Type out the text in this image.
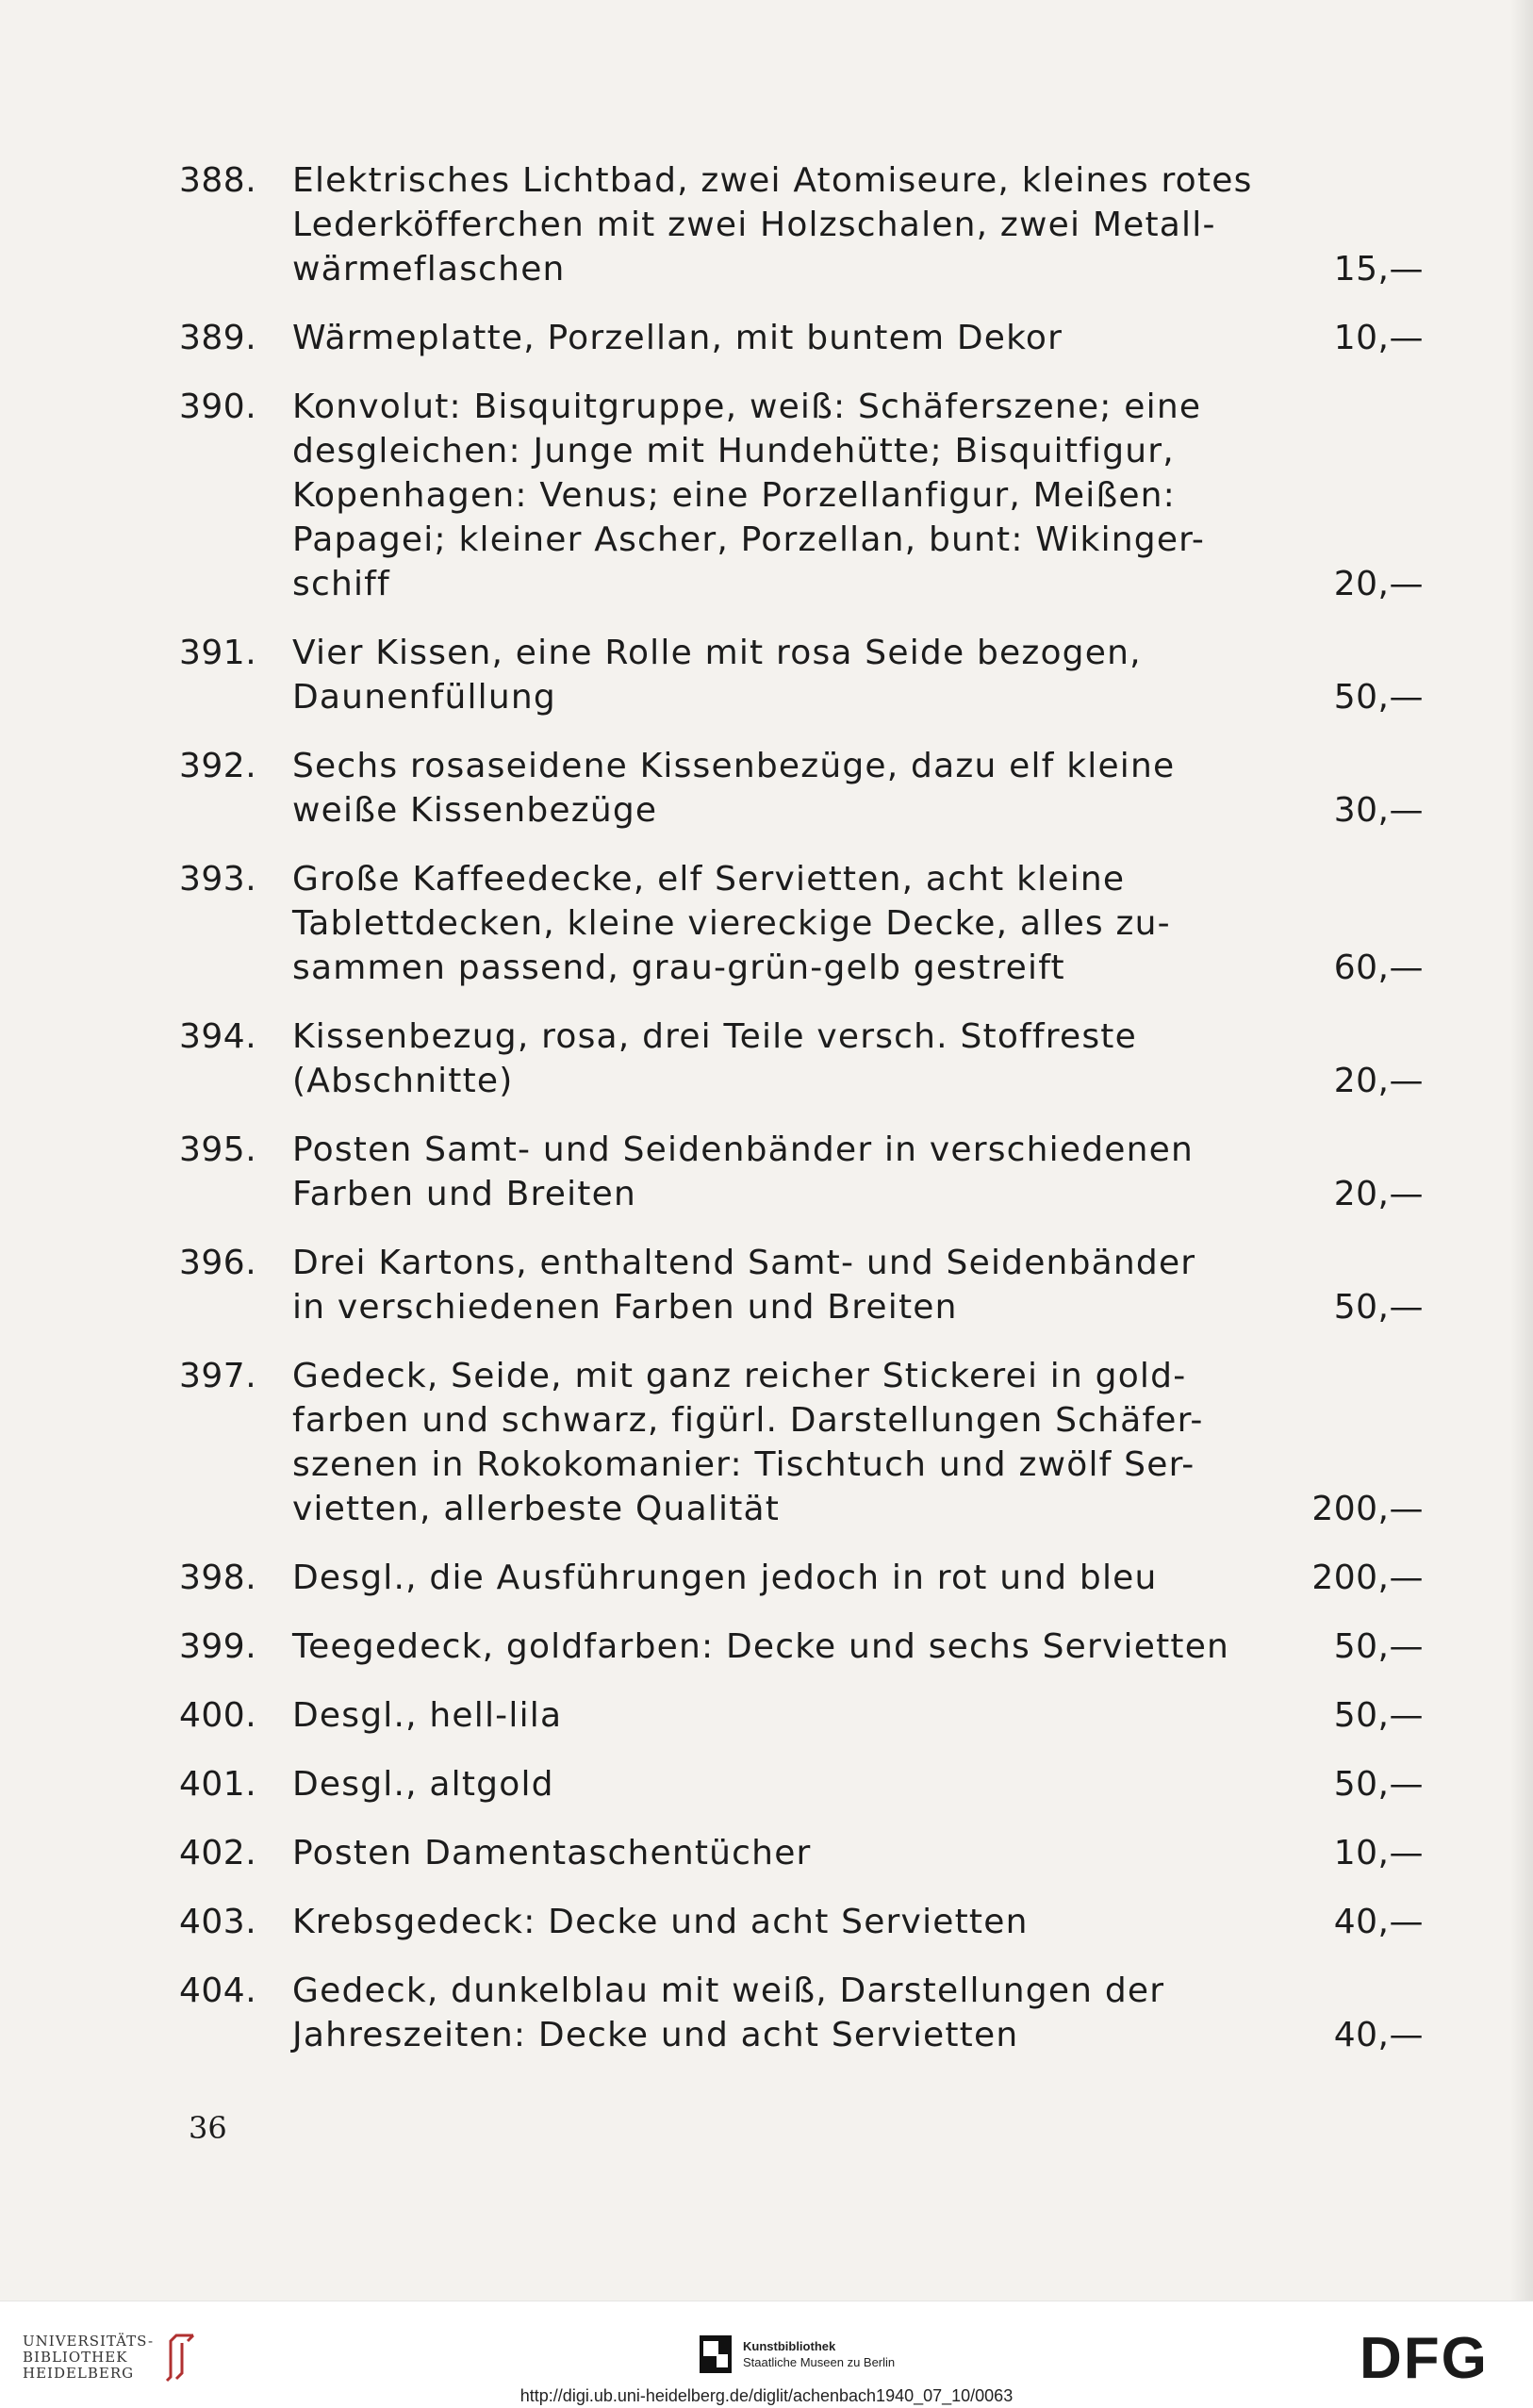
388.	Elektrisches Lichtbad, zwei Atomiseure, kleines rotes
Lederköfferchen mit zwei Holzschalen, zwei Metall-
wärmeflaschen	15,—
389.	Wärmeplatte, Porzellan, mit buntem Dekor	10,—
390.	Konvolut: Bisquitgruppe, weiß: Schäferszene; eine
desgleichen: Junge mit Hundehütte; Bisquitfigur,
Kopenhagen: Venus; eine Porzellanfigur, Meißen:
Papagei; kleiner Ascher, Porzellan, bunt: Wikinger-
schiff	20,—
391.	Vier Kissen, eine Rolle mit rosa Seide bezogen,
Daunenfüllung	50,—
392.	Sechs rosaseidene Kissenbezüge, dazu elf kleine
weiße Kissenbezüge	30,—
393.	Große Kaffeedecke, elf Servietten, acht kleine
Tablettdecken, kleine viereckige Decke, alles zu-
sammen passend, grau-grün-gelb gestreift	60,—
394.	Kissenbezug, rosa, drei Teile versch. Stoffreste
(Abschnitte)	20,—
395.	Posten Samt- und Seidenbänder in verschiedenen
Farben und Breiten	20,—
396.	Drei Kartons, enthaltend Samt- und Seidenbänder
in verschiedenen Farben und Breiten	50,—
397.	Gedeck, Seide, mit ganz reicher Stickerei in gold-
farben und schwarz, figürl. Darstellungen Schäfer-
szenen in Rokokomanier: Tischtuch und zwölf Ser-
vietten, allerbeste Qualität	200,—
398.	Desgl., die Ausführungen jedoch in rot und bleu	200,—
399.	Teegedeck, goldfarben: Decke und sechs Servietten	50,—
400.	Desgl., hell-lila	50,—
401.	Desgl., altgold	50,—
402.	Posten Damentaschentücher	10,—
403.	Krebsgedeck: Decke und acht Servietten	40,—
404.	Gedeck, dunkelblau mit weiß, Darstellungen der
Jahreszeiten: Decke und acht Servietten	40,—
36
UNIVERSITÄTS-
BIBLIOTHEK
HEIDELBERG
Kunstbibliothek
Staatliche Museen zu Berlin	DFG
http://digi.ub.uni-heidelberg.de/diglit/achenbach1940_07_10/0063
